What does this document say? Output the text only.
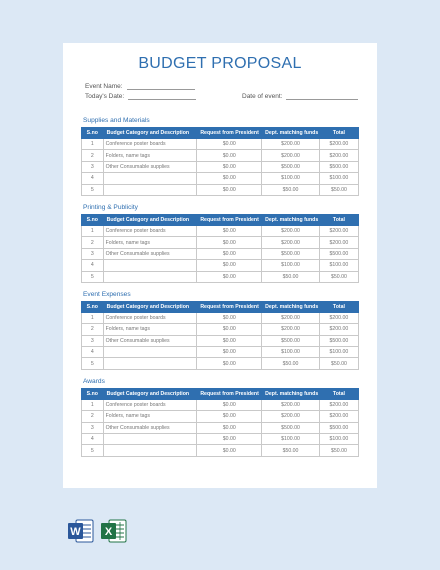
BUDGET PROPOSAL
Event Name:
Today's Date:	Date of event:
Supplies and Materials
S.no	Budget Category and Description	Request from President	Dept. matching funds	Total
1	Conference poster boards	$0.00	$200.00	$200.00
2	Folders, name tags	$0.00	$200.00	$200.00
3	Other Consumable supplies	$0.00	$500.00	$500.00
4		$0.00	$100.00	$100.00
5		$0.00	$50.00	$50.00
Printing & Publicity
S.no	Budget Category and Description	Request from President	Dept. matching funds	Total
1	Conference poster boards	$0.00	$200.00	$200.00
2	Folders, name tags	$0.00	$200.00	$200.00
3	Other Consumable supplies	$0.00	$500.00	$500.00
4		$0.00	$100.00	$100.00
5		$0.00	$50.00	$50.00
Event Expenses
S.no	Budget Category and Description	Request from President	Dept. matching funds	Total
1	Conference poster boards	$0.00	$200.00	$200.00
2	Folders, name tags	$0.00	$200.00	$200.00
3	Other Consumable supplies	$0.00	$500.00	$500.00
4		$0.00	$100.00	$100.00
5		$0.00	$50.00	$50.00
Awards
S.no	Budget Category and Description	Request from President	Dept. matching funds	Total
1	Conference poster boards	$0.00	$200.00	$200.00
2	Folders, name tags	$0.00	$200.00	$200.00
3	Other Consumable supplies	$0.00	$500.00	$500.00
4		$0.00	$100.00	$100.00
5		$0.00	$50.00	$50.00
W X
